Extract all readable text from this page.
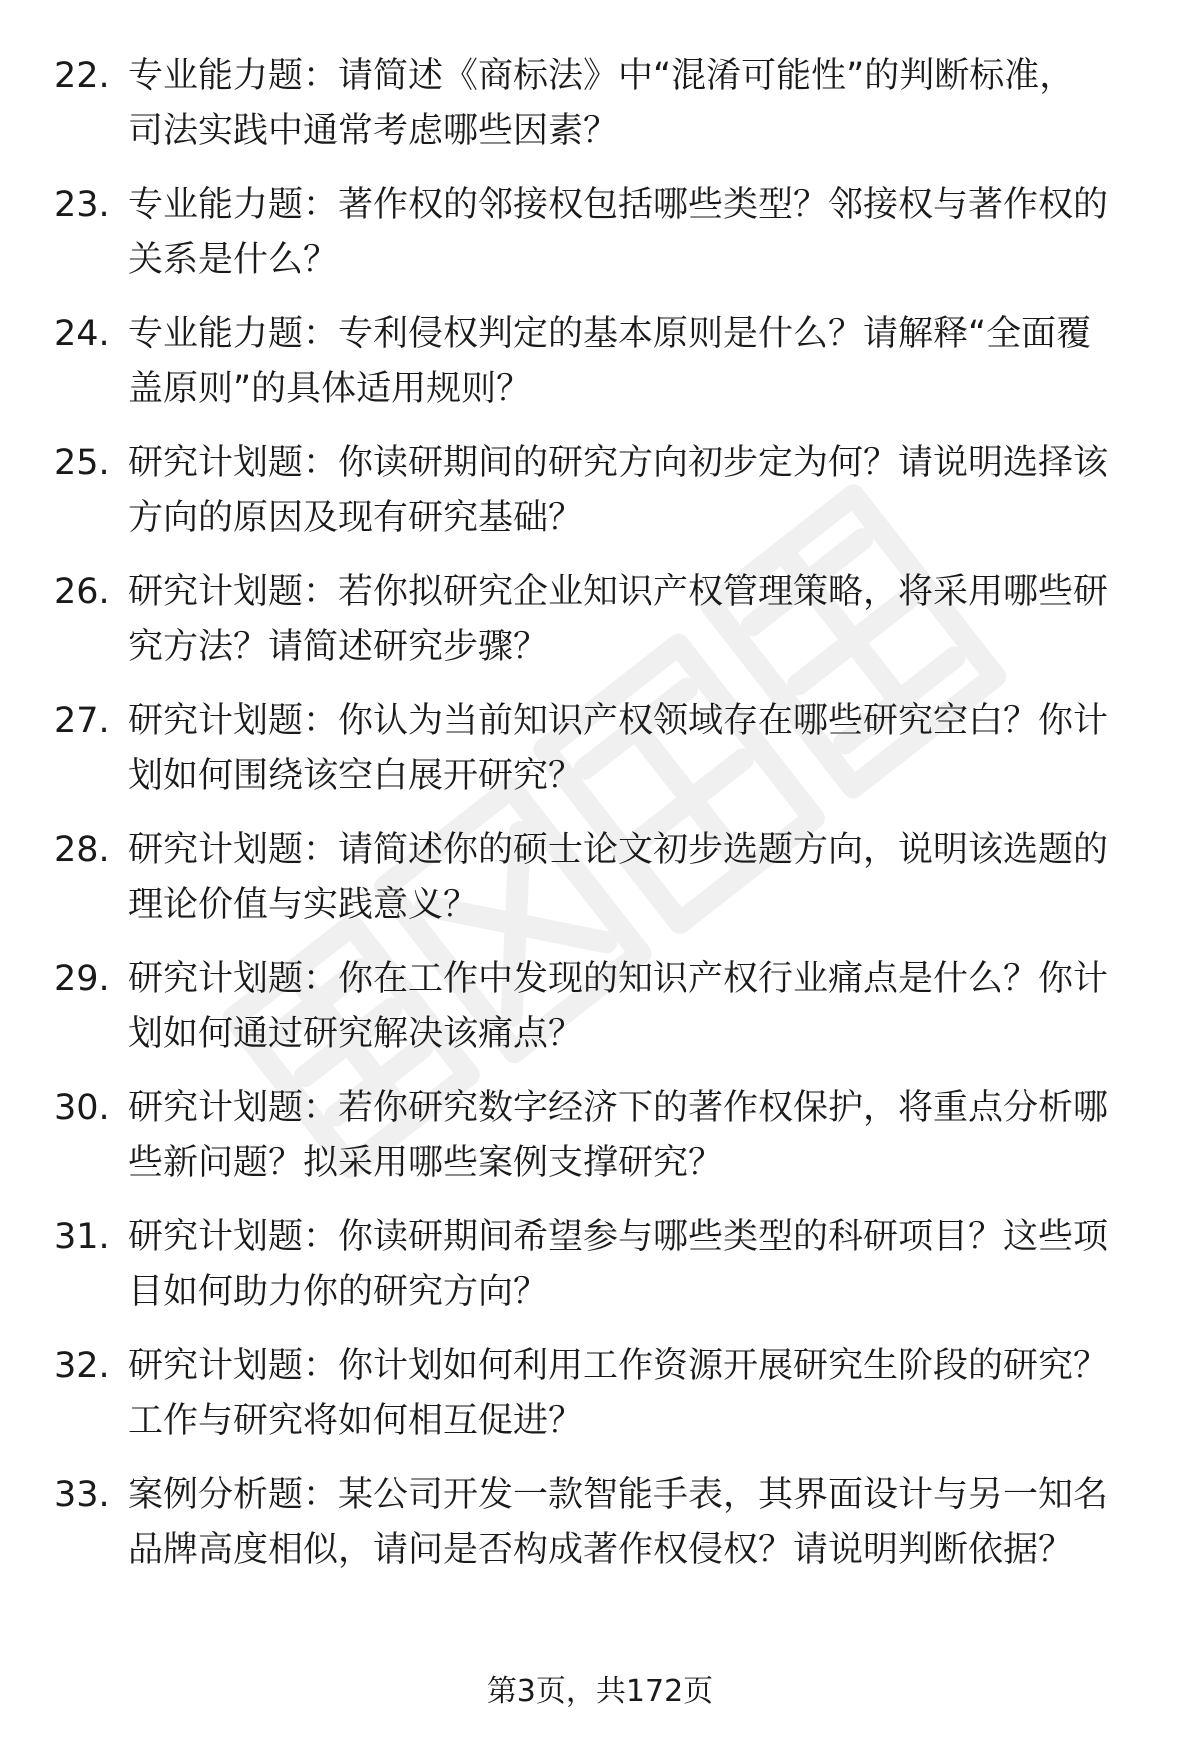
22. 专业能力题：请简述《商标法》中“混淆可能性”的判断标准，
司法实践中通常考虑哪些因素？
23. 专业能力题：著作权的邻接权包括哪些类型？邻接权与著作权的
关系是什么？
24. 专业能力题：专利侵权判定的基本原则是什么？请解释“全面覆
盖原则”的具体适用规则？
25. 研究计划题：你读研期间的研究方向初步定为何？请说明选择该
方向的原因及现有研究基础？
26. 研究计划题：若你拟研究企业知识产权管理策略，将采用哪些研
究方法？请简述研究步骤？
27. 研究计划题：你认为当前知识产权领域存在哪些研究空白？你计
划如何围绕该空白展开研究？
28. 研究计划题：请简述你的硕士论文初步选题方向，说明该选题的
理论价值与实践意义？
29. 研究计划题：你在工作中发现的知识产权行业痛点是什么？你计
划如何通过研究解决该痛点？
30. 研究计划题：若你研究数字经济下的著作权保护，将重点分析哪
些新问题？拟采用哪些案例支撑研究？
31. 研究计划题：你读研期间希望参与哪些类型的科研项目？这些项
目如何助力你的研究方向？
32. 研究计划题：你计划如何利用工作资源开展研究生阶段的研究？
工作与研究将如何相互促进？
33. 案例分析题：某公司开发一款智能手表，其界面设计与另一知名
品牌高度相似，请问是否构成著作权侵权？请说明判断依据？
第3页，共172页
